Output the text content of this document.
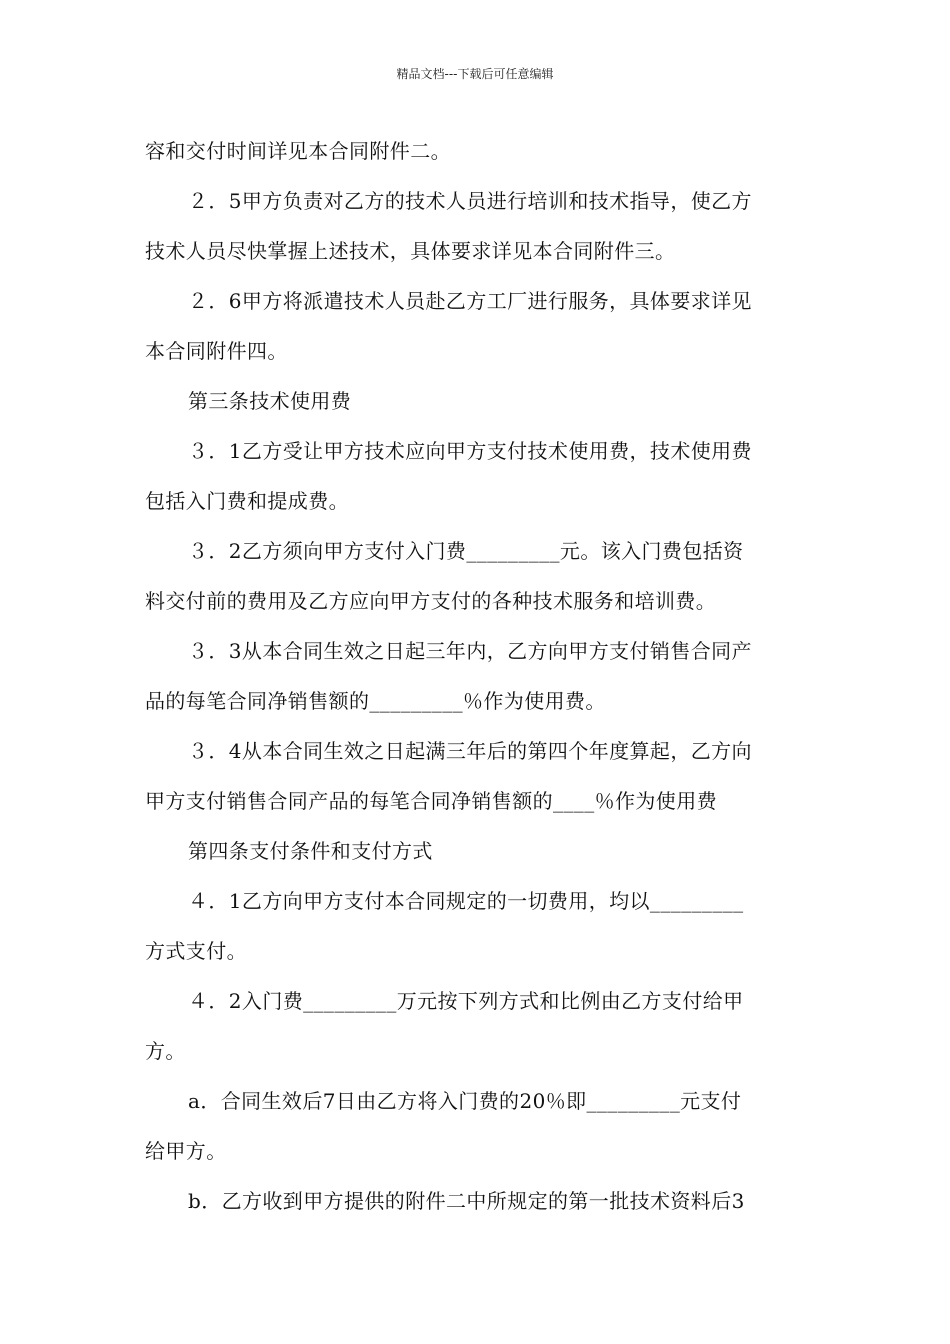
精品文档---下载后可任意编辑
容和交付时间详见本合同附件二。
２．5甲方负责对乙方的技术人员进行培训和技术指导，使乙方
技术人员尽快掌握上述技术，具体要求详见本合同附件三。
２．6甲方将派遣技术人员赴乙方工厂进行服务，具体要求详见
本合同附件四。
第三条技术使用费
３．1乙方受让甲方技术应向甲方支付技术使用费，技术使用费
包括入门费和提成费。
３．2乙方须向甲方支付入门费_________元。该入门费包括资
料交付前的费用及乙方应向甲方支付的各种技术服务和培训费。
３．3从本合同生效之日起三年内，乙方向甲方支付销售合同产
品的每笔合同净销售额的_________％作为使用费。
３．4从本合同生效之日起满三年后的第四个年度算起，乙方向
甲方支付销售合同产品的每笔合同净销售额的____％作为使用费
第四条支付条件和支付方式
４．1乙方向甲方支付本合同规定的一切费用，均以_________
方式支付。
４．2入门费_________万元按下列方式和比例由乙方支付给甲
方。
a．合同生效后7日由乙方将入门费的20％即_________元支付
给甲方。
b．乙方收到甲方提供的附件二中所规定的第一批技术资料后3
